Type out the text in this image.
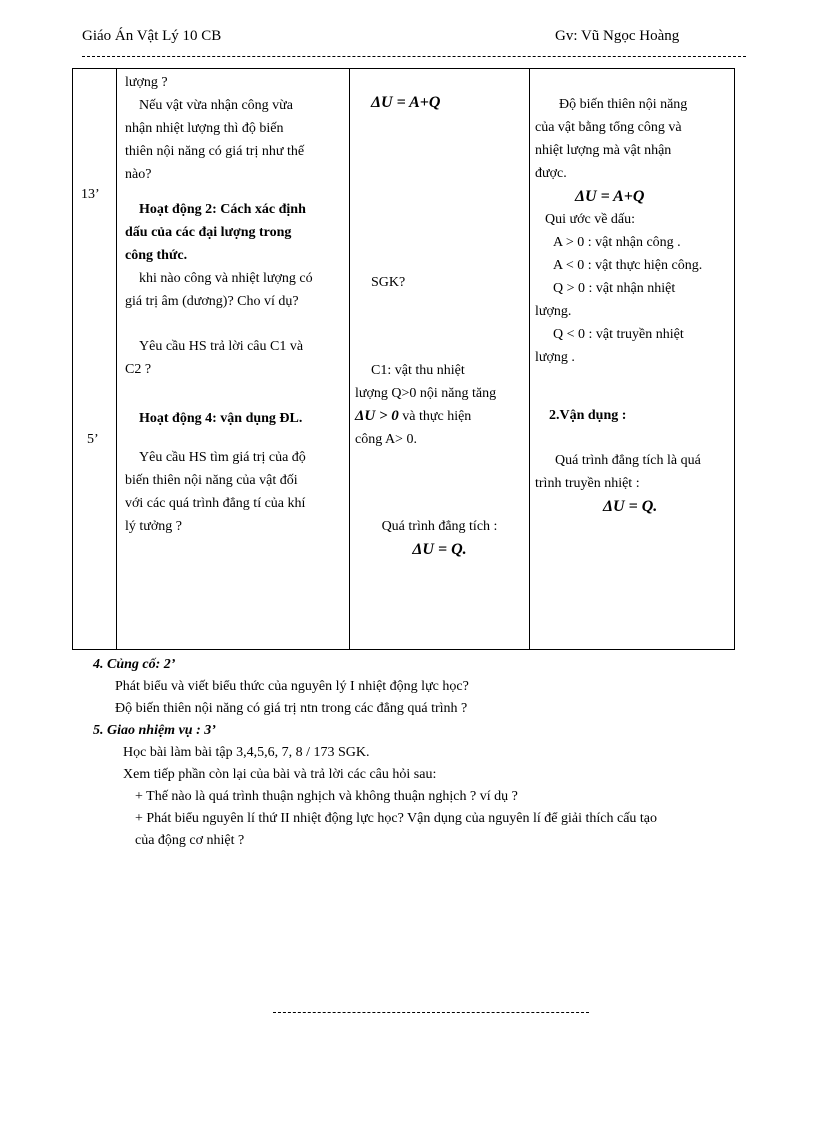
Giáo Án Vật Lý 10 CB	Gv: Vũ Ngọc Hoàng
13’
5’

lượng ?

Nếu vật vừa nhận công vừa

nhận nhiệt lượng thì độ biến

thiên nội năng có giá trị như thế

nào?

Hoạt động 2: Cách xác định

dấu của các đại lượng trong

công thức.

khi nào công và nhiệt lượng có

giá trị âm (dương)? Cho ví dụ?

Yêu cầu HS trả lời câu C1 và

C2 ?

Hoạt động 4: vận dụng ĐL.

Yêu cầu HS tìm giá trị của độ

biến thiên nội năng của vật đối

với các quá trình đẳng tí của khí

lý tưởng ?

ΔU = A+Q
SGK?

C1: vật thu nhiệt

lượng Q>0 nội năng tăng

ΔU > 0 và thực hiện

công A> 0.

Quá trình đẳng tích :

ΔU = Q.

Độ biến thiên nội năng

của vật bằng tổng công và

nhiệt lượng mà vật nhận

được.

ΔU = A+Q

Qui ước về dấu:

A > 0 : vật nhận công .

A < 0 : vật thực hiện công.

Q > 0 : vật nhận nhiệt

lượng.

Q < 0 : vật truyền nhiệt

lượng .

2.Vận dụng :

Quá trình đẳng tích là quá

trình truyền nhiệt :

ΔU = Q.

4. Củng cố: 2’
Phát biểu và viết biểu thức của nguyên lý I nhiệt động lực học?
Độ biến thiên nội năng có giá trị ntn trong các đẳng quá trình ?
5. Giao nhiệm vụ : 3’
Học bài làm bài tập 3,4,5,6, 7, 8 / 173 SGK.
Xem tiếp phần còn lại của bài và trả lời các câu hỏi sau:
+ Thế nào là quá trình thuận nghịch và không thuận nghịch ? ví dụ ?
+ Phát biểu nguyên lí thứ II nhiệt động lực học? Vận dụng của nguyên lí để giải thích cấu tạo
của động cơ nhiệt ?
